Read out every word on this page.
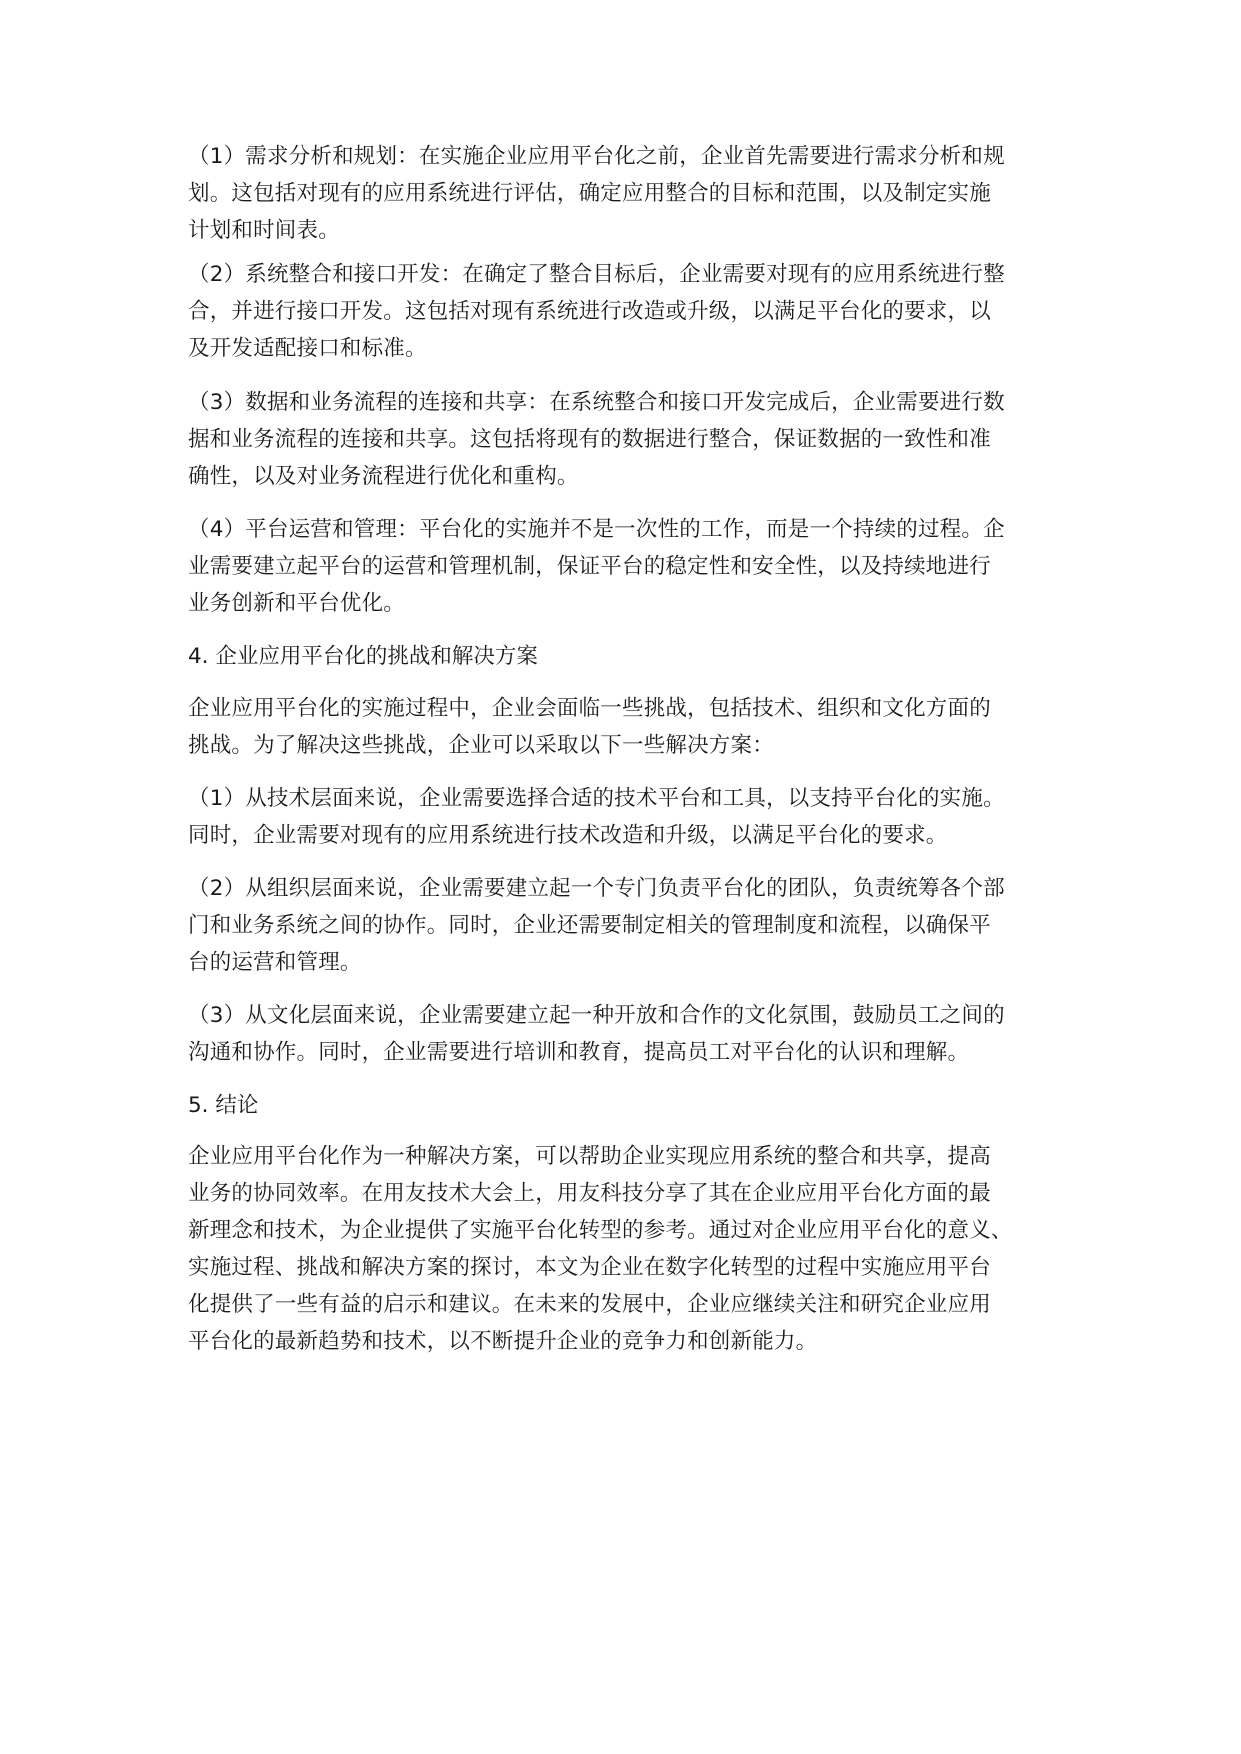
（1）需求分析和规划：在实施企业应用平台化之前，企业首先需要进行需求分析和规
划。这包括对现有的应用系统进行评估，确定应用整合的目标和范围，以及制定实施
计划和时间表。

（2）系统整合和接口开发：在确定了整合目标后，企业需要对现有的应用系统进行整
合，并进行接口开发。这包括对现有系统进行改造或升级，以满足平台化的要求，以
及开发适配接口和标准。

（3）数据和业务流程的连接和共享：在系统整合和接口开发完成后，企业需要进行数
据和业务流程的连接和共享。这包括将现有的数据进行整合，保证数据的一致性和准
确性，以及对业务流程进行优化和重构。

（4）平台运营和管理：平台化的实施并不是一次性的工作，而是一个持续的过程。企
业需要建立起平台的运营和管理机制，保证平台的稳定性和安全性，以及持续地进行
业务创新和平台优化。

4. 企业应用平台化的挑战和解决方案

企业应用平台化的实施过程中，企业会面临一些挑战，包括技术、组织和文化方面的
挑战。为了解决这些挑战，企业可以采取以下一些解决方案：

（1）从技术层面来说，企业需要选择合适的技术平台和工具，以支持平台化的实施。
同时，企业需要对现有的应用系统进行技术改造和升级，以满足平台化的要求。

（2）从组织层面来说，企业需要建立起一个专门负责平台化的团队，负责统筹各个部
门和业务系统之间的协作。同时，企业还需要制定相关的管理制度和流程，以确保平
台的运营和管理。

（3）从文化层面来说，企业需要建立起一种开放和合作的文化氛围，鼓励员工之间的
沟通和协作。同时，企业需要进行培训和教育，提高员工对平台化的认识和理解。

5. 结论

企业应用平台化作为一种解决方案，可以帮助企业实现应用系统的整合和共享，提高
业务的协同效率。在用友技术大会上，用友科技分享了其在企业应用平台化方面的最
新理念和技术，为企业提供了实施平台化转型的参考。通过对企业应用平台化的意义、
实施过程、挑战和解决方案的探讨，本文为企业在数字化转型的过程中实施应用平台
化提供了一些有益的启示和建议。在未来的发展中，企业应继续关注和研究企业应用
平台化的最新趋势和技术，以不断提升企业的竞争力和创新能力。
